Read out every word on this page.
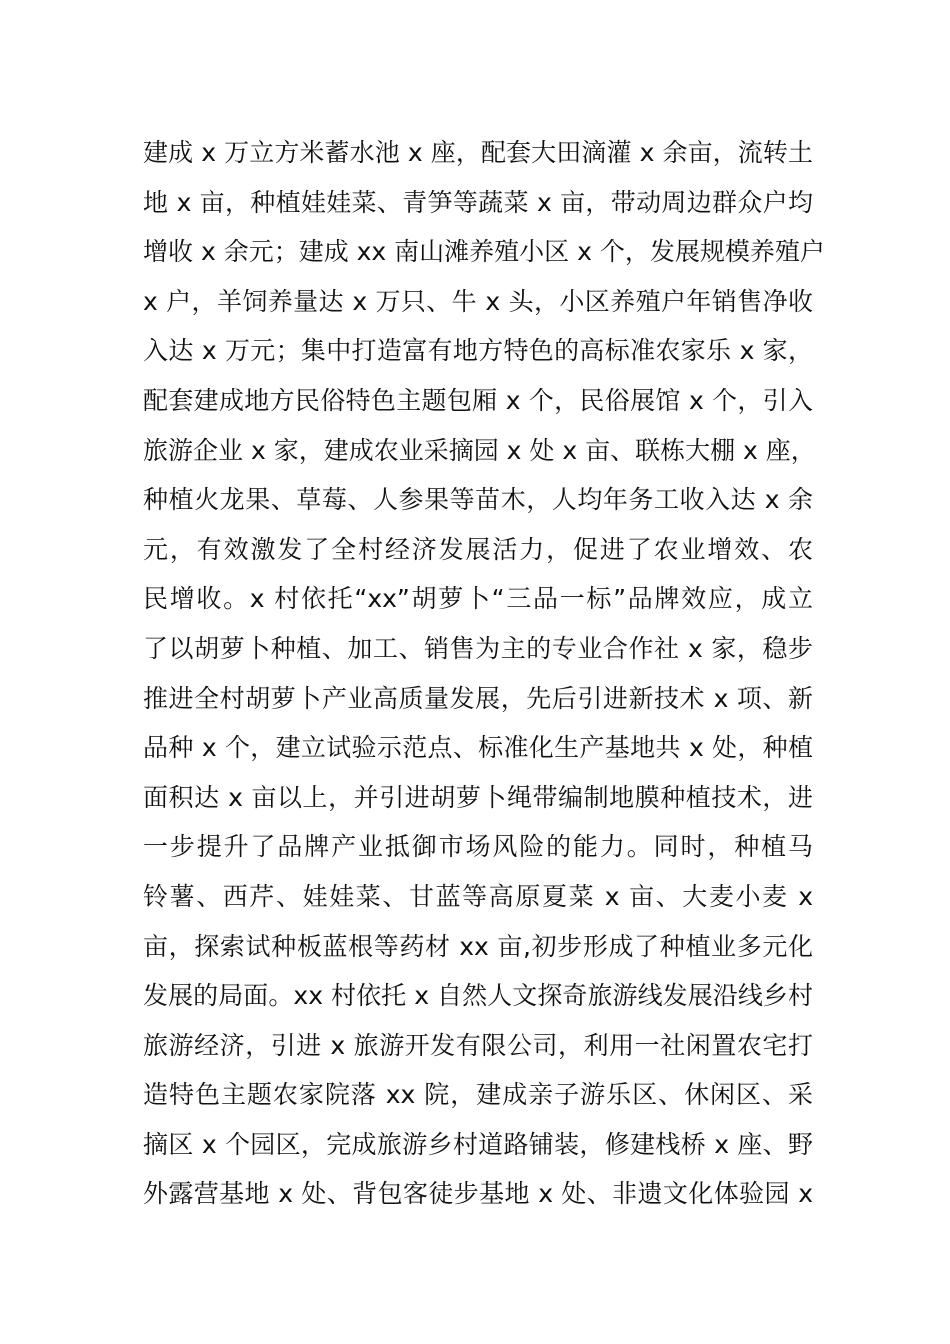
建成 x 万立方米蓄水池 x 座，配套大田滴灌 x 余亩，流转土
地 x 亩，种植娃娃菜、青笋等蔬菜 x 亩，带动周边群众户均
增收 x 余元；建成 xx 南山滩养殖小区 x 个，发展规模养殖户
x 户，羊饲养量达 x 万只、牛 x 头，小区养殖户年销售净收
入达 x 万元；集中打造富有地方特色的高标准农家乐 x 家，
配套建成地方民俗特色主题包厢 x 个，民俗展馆 x 个，引入
旅游企业 x 家，建成农业采摘园 x 处 x 亩、联栋大棚 x 座，
种植火龙果、草莓、人参果等苗木，人均年务工收入达 x 余
元，有效激发了全村经济发展活力，促进了农业增效、农
民增收。x 村依托“xx”胡萝卜“三品一标”品牌效应，成立
了以胡萝卜种植、加工、销售为主的专业合作社 x 家，稳步
推进全村胡萝卜产业高质量发展，先后引进新技术 x 项、新
品种 x 个，建立试验示范点、标准化生产基地共 x 处，种植
面积达 x 亩以上，并引进胡萝卜绳带编制地膜种植技术，进
一步提升了品牌产业抵御市场风险的能力。同时，种植马
铃薯、西芹、娃娃菜、甘蓝等高原夏菜 x 亩、大麦小麦 x
亩，探索试种板蓝根等药材 xx 亩,初步形成了种植业多元化
发展的局面。xx 村依托 x 自然人文探奇旅游线发展沿线乡村
旅游经济，引进 x 旅游开发有限公司，利用一社闲置农宅打
造特色主题农家院落 xx 院，建成亲子游乐区、休闲区、采
摘区 x 个园区，完成旅游乡村道路铺装，修建栈桥 x 座、野
外露营基地 x 处、背包客徒步基地 x 处、非遗文化体验园 x
